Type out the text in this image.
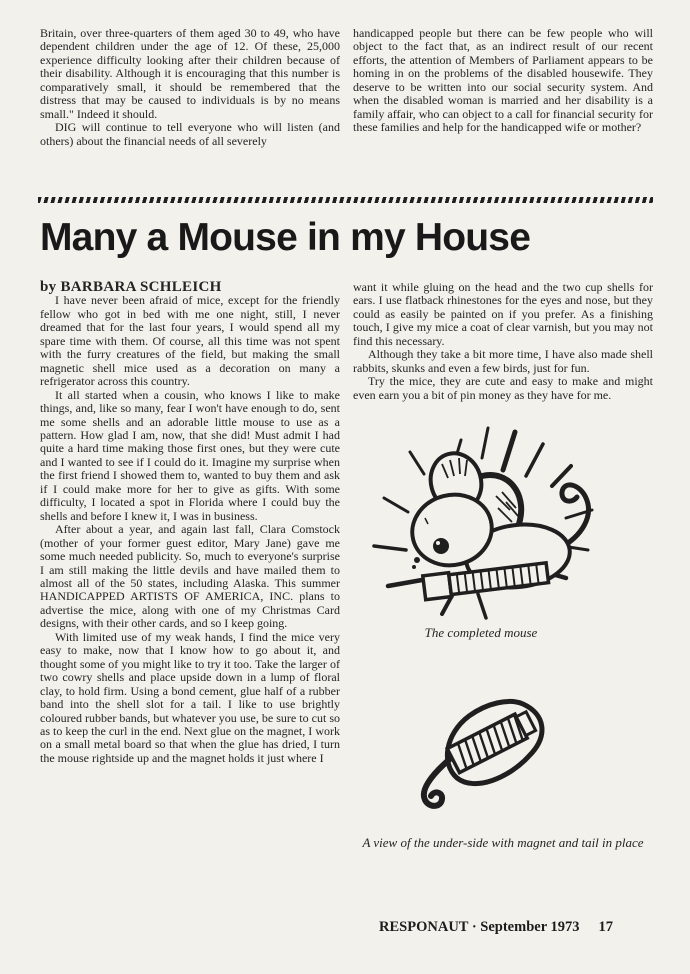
Britain, over three-quarters of them aged 30 to 49, who have dependent children under the age of 12. Of these, 25,000 experience difficulty looking after their children because of their disability. Although it is encouraging that this number is comparatively small, it should be remembered that the distress that may be caused to individuals is by no means small." Indeed it should.

DIG will continue to tell everyone who will listen (and others) about the financial needs of all severely

handicapped people but there can be few people who will object to the fact that, as an indirect result of our recent efforts, the attention of Members of Parliament appears to be homing in on the problems of the disabled housewife. They deserve to be written into our social security system. And when the disabled woman is married and her disability is a family affair, who can object to a call for financial security for these families and help for the handicapped wife or mother?

Many a Mouse in my House

by BARBARA SCHLEICH

I have never been afraid of mice, except for the friendly fellow who got in bed with me one night, still, I never dreamed that for the last four years, I would spend all my spare time with them. Of course, all this time was not spent with the furry creatures of the field, but making the small magnetic shell mice used as a decoration on many a refrigerator across this country.

It all started when a cousin, who knows I like to make things, and, like so many, fear I won't have enough to do, sent me some shells and an adorable little mouse to use as a pattern. How glad I am, now, that she did! Must admit I had quite a hard time making those first ones, but they were cute and I wanted to see if I could do it. Imagine my surprise when the first friend I showed them to, wanted to buy them and ask if I could make more for her to give as gifts. With some difficulty, I located a spot in Florida where I could buy the shells and before I knew it, I was in business.

After about a year, and again last fall, Clara Comstock (mother of your former guest editor, Mary Jane) gave me some much needed publicity. So, much to everyone's surprise I am still making the little devils and have mailed them to almost all of the 50 states, including Alaska. This summer HANDICAPPED ARTISTS OF AMERICA, INC. plans to advertise the mice, along with one of my Christmas Card designs, with their other cards, and so I keep going.

With limited use of my weak hands, I find the mice very easy to make, now that I know how to go about it, and thought some of you might like to try it too. Take the larger of two cowry shells and place upside down in a lump of floral clay, to hold firm. Using a bond cement, glue half of a rubber band into the shell slot for a tail. I like to use brightly coloured rubber bands, but whatever you use, be sure to cut so as to keep the curl in the end. Next glue on the magnet, I work on a small metal board so that when the glue has dried, I turn the mouse rightside up and the magnet holds it just where I

want it while gluing on the head and the two cup shells for ears. I use flatback rhinestones for the eyes and nose, but they could as easily be painted on if you prefer. As a finishing touch, I give my mice a coat of clear varnish, but you may not find this necessary.

Although they take a bit more time, I have also made shell rabbits, skunks and even a few birds, just for fun.

Try the mice, they are cute and easy to make and might even earn you a bit of pin money as they have for me.

The completed mouse

A view of the under-side with magnet and tail in place

RESPONAUT · September 1973 17
